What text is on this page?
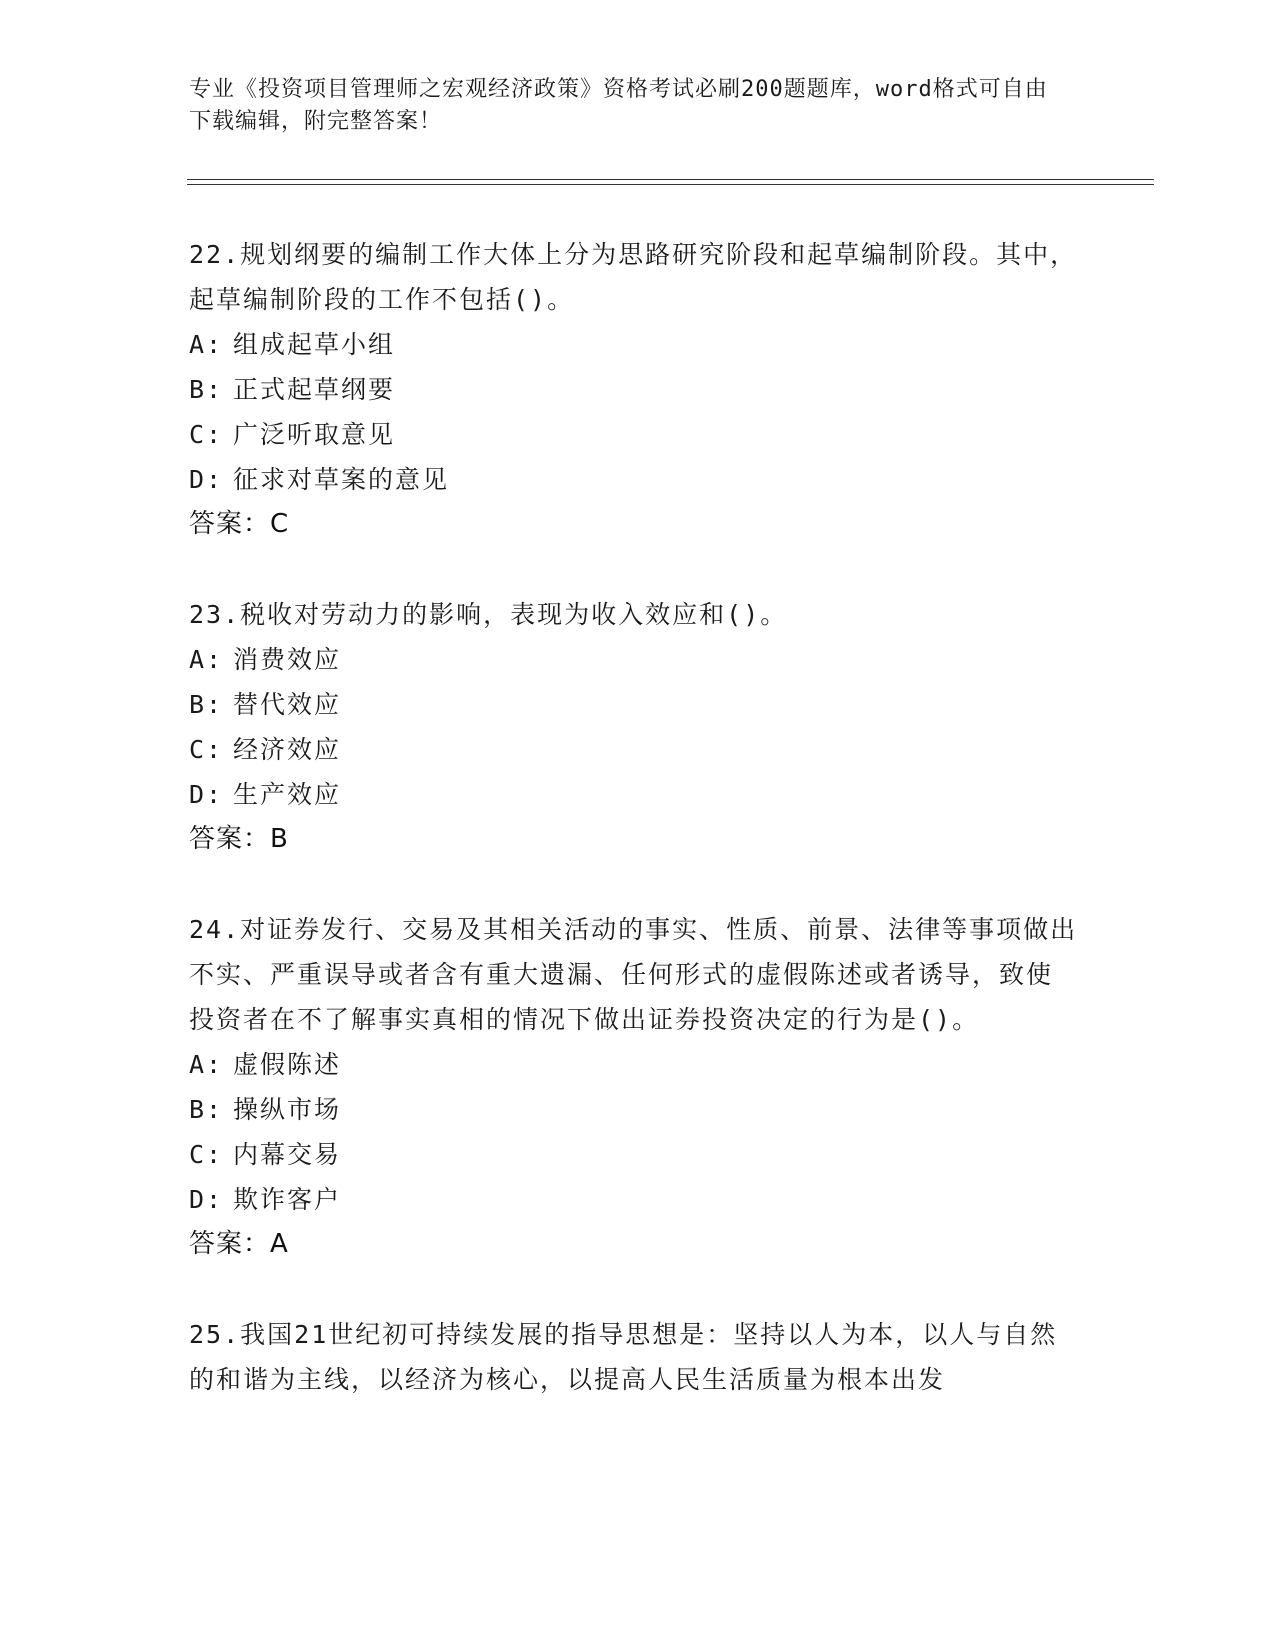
专业《投资项目管理师之宏观经济政策》资格考试必刷200题题库，word格式可自由下载编辑，附完整答案！
22.规划纲要的编制工作大体上分为思路研究阶段和起草编制阶段。其中，起草编制阶段的工作不包括()。
A: 组成起草小组
B: 正式起草纲要
C: 广泛听取意见
D: 征求对草案的意见
答案：C
23.税收对劳动力的影响，表现为收入效应和()。
A: 消费效应
B: 替代效应
C: 经济效应
D: 生产效应
答案：B
24.对证券发行、交易及其相关活动的事实、性质、前景、法律等事项做出不实、严重误导或者含有重大遗漏、任何形式的虚假陈述或者诱导，致使投资者在不了解事实真相的情况下做出证券投资决定的行为是()。
A: 虚假陈述
B: 操纵市场
C: 内幕交易
D: 欺诈客户
答案：A
25.我国21世纪初可持续发展的指导思想是：坚持以人为本，以人与自然的和谐为主线，以经济为核心，以提高人民生活质量为根本出发
